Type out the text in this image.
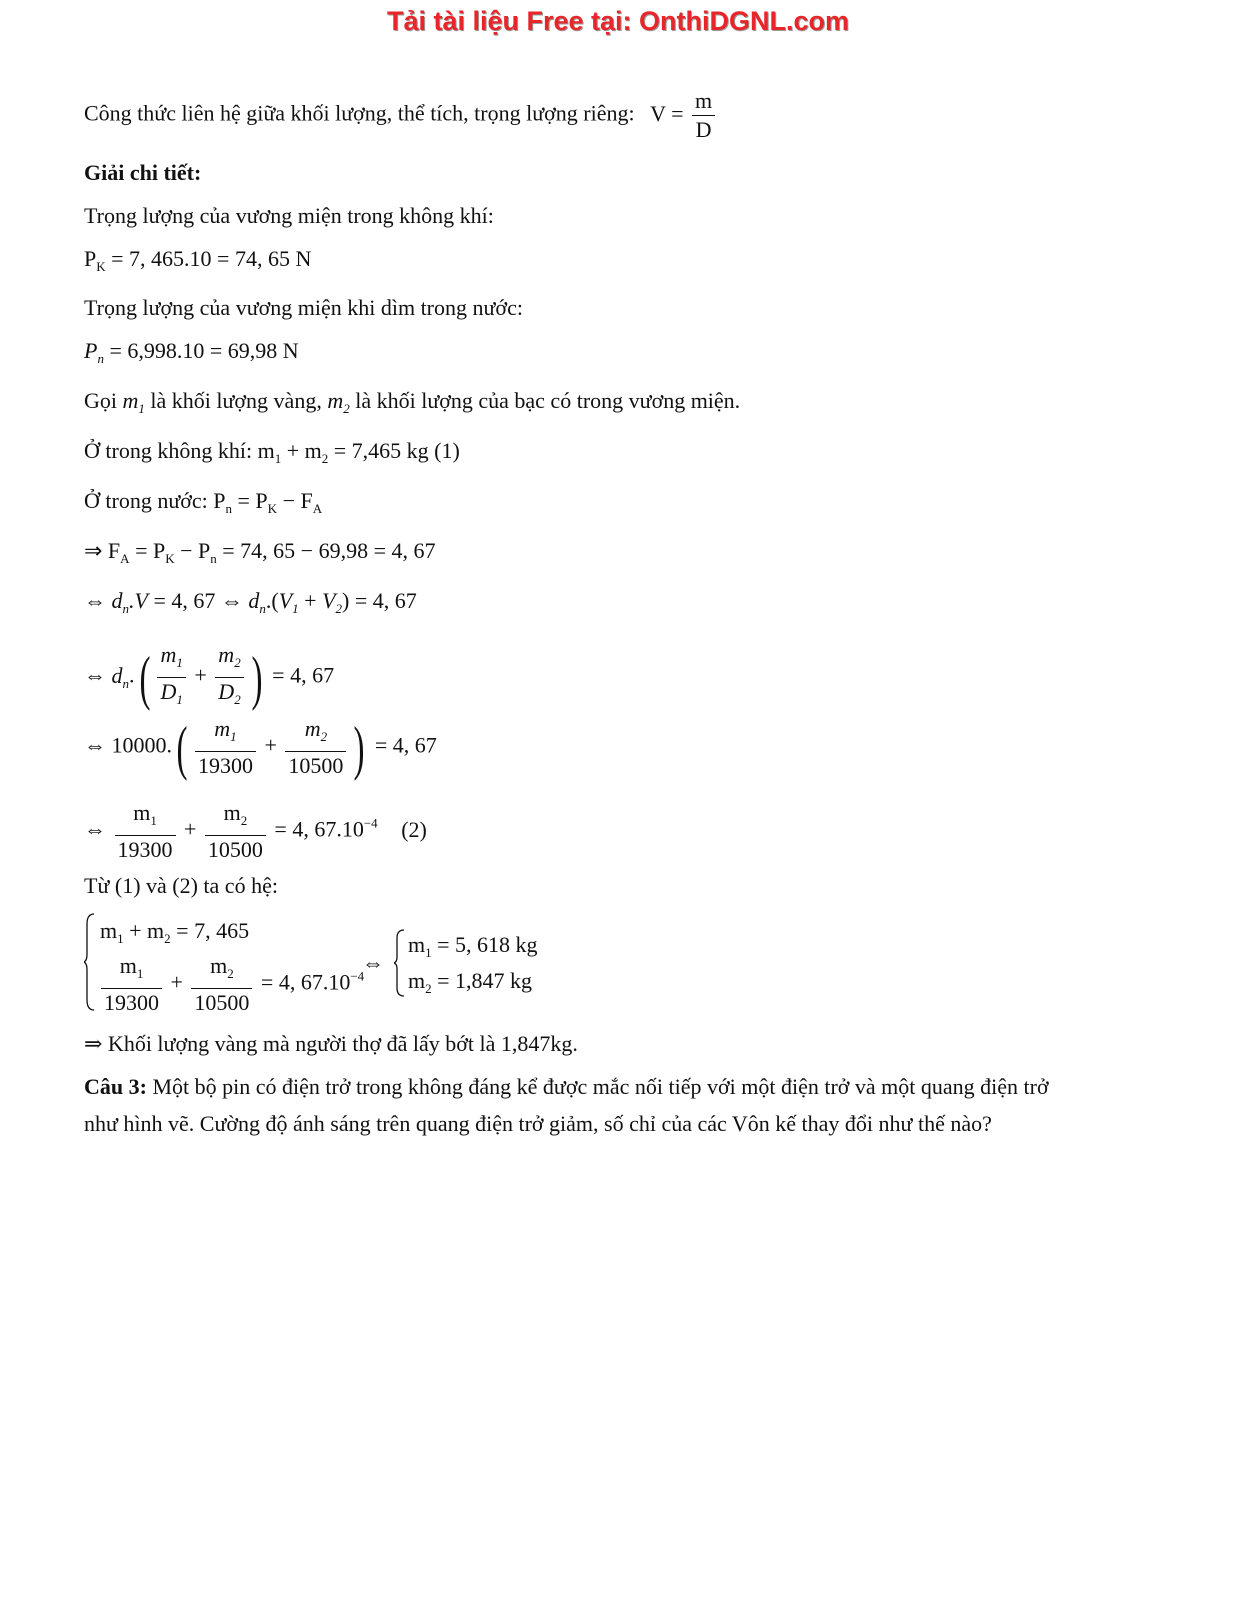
Tải tài liệu Free tại: OnthiDGNL.com
Công thức liên hệ giữa khối lượng, thể tích, trọng lượng riêng: $V = \frac{m}{D}$
Giải chi tiết:
Trọng lượng của vương miện trong không khí:
$P_K = 7$, 465.10 = 74, 65 N
Trọng lượng của vương miện khi dìm trong nước:
$P_n = 6,998.10 = 69,98$ N
Gọi $m_1$ là khối lượng vàng, $m_2$ là khối lượng của bạc có trong vương miện.
Ở trong không khí: $m_1 + m_2 = 7,465$ kg (1)
Ở trong nước: $P_n = P_K - F_A$
⇒ $F_A = P_K - P_n = 74$, 65 − 69,98 = 4, 67
⇔ $d_n.V = 4$, 67 ⇔ $d_n.(V_1 + V_2) = 4$, 67
⇔ $d_n.( \frac{m_1}{D_1} + \frac{m_2}{D_2}$ ) = 4, 67
⇔ $10000.( \frac{m_1}{19300} + \frac{m_2}{10500}$ ) = 4, 67
⇔ $\frac{m_1}{19300} + \frac{m_2}{10500} = 4$, $67.10^{-4}$ (2)
Từ (1) và (2) ta có hệ:
$m_1 + m_2 = 7$, 465
$\frac{m_1}{19300} + \frac{m_2}{10500} = 4$, $67.10^{-4}$
⇔
$m_1 = 5$, 618 kg
$m_2 = 1,847$ kg
⇒ Khối lượng vàng mà người thợ đã lấy bớt là 1,847kg.
Câu 3: Một bộ pin có điện trở trong không đáng kể được mắc nối tiếp với một điện trở và một quang điện trở
như hình vẽ. Cường độ ánh sáng trên quang điện trở giảm, số chỉ của các Vôn kế thay đổi như thế nào?
